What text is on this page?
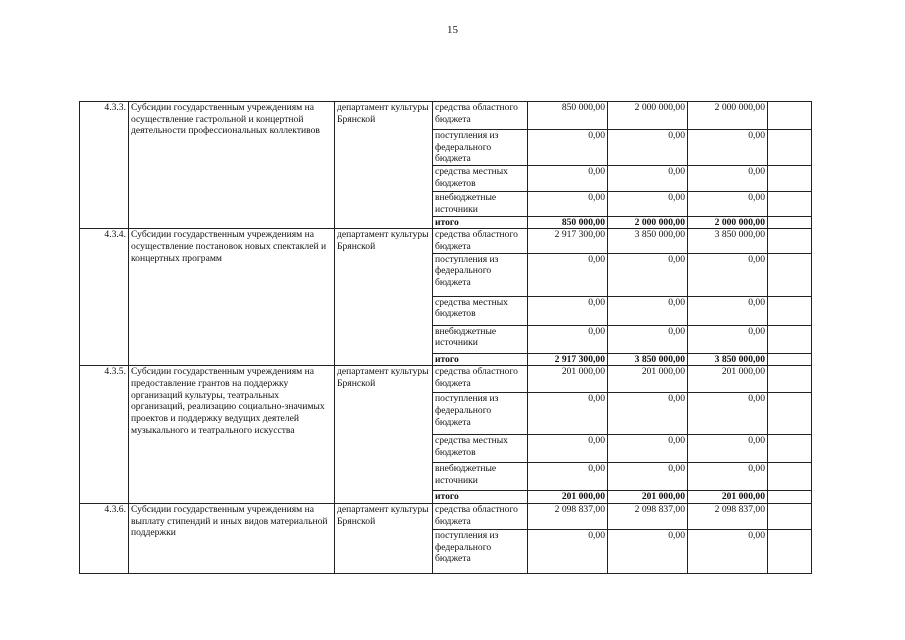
15
4.3.3.	Субсидии государственным учреждениям на осуществление гастрольной и концертной деятельности профессиональных коллективов	департамент культуры Брянской	средства областного бюджета	850 000,00	2 000 000,00	2 000 000,00	
			поступления из федерального бюджета	0,00	0,00	0,00	
			средства местных бюджетов	0,00	0,00	0,00	
			внебюджетные источники	0,00	0,00	0,00	
			итого	850 000,00	2 000 000,00	2 000 000,00	
4.3.4.	Субсидии государственным учреждениям на осуществление постановок новых спектаклей и концертных программ	департамент культуры Брянской	средства областного бюджета	2 917 300,00	3 850 000,00	3 850 000,00	
			поступления из федерального бюджета	0,00	0,00	0,00	
			средства местных бюджетов	0,00	0,00	0,00	
			внебюджетные источники	0,00	0,00	0,00	
			итого	2 917 300,00	3 850 000,00	3 850 000,00	
4.3.5.	Субсидии государственным учреждениям на предоставление грантов на поддержку организаций культуры, театральных организаций, реализацию социально-значимых проектов и поддержку ведущих деятелей музыкального и театрального искусства	департамент культуры Брянской	средства областного бюджета	201 000,00	201 000,00	201 000,00	
			поступления из федерального бюджета	0,00	0,00	0,00	
			средства местных бюджетов	0,00	0,00	0,00	
			внебюджетные источники	0,00	0,00	0,00	
			итого	201 000,00	201 000,00	201 000,00	
4.3.6.	Субсидии государственным учреждениям на выплату стипендий и иных видов материальной поддержки	департамент культуры Брянской	средства областного бюджета	2 098 837,00	2 098 837,00	2 098 837,00	
			поступления из федерального бюджета	0,00	0,00	0,00	
